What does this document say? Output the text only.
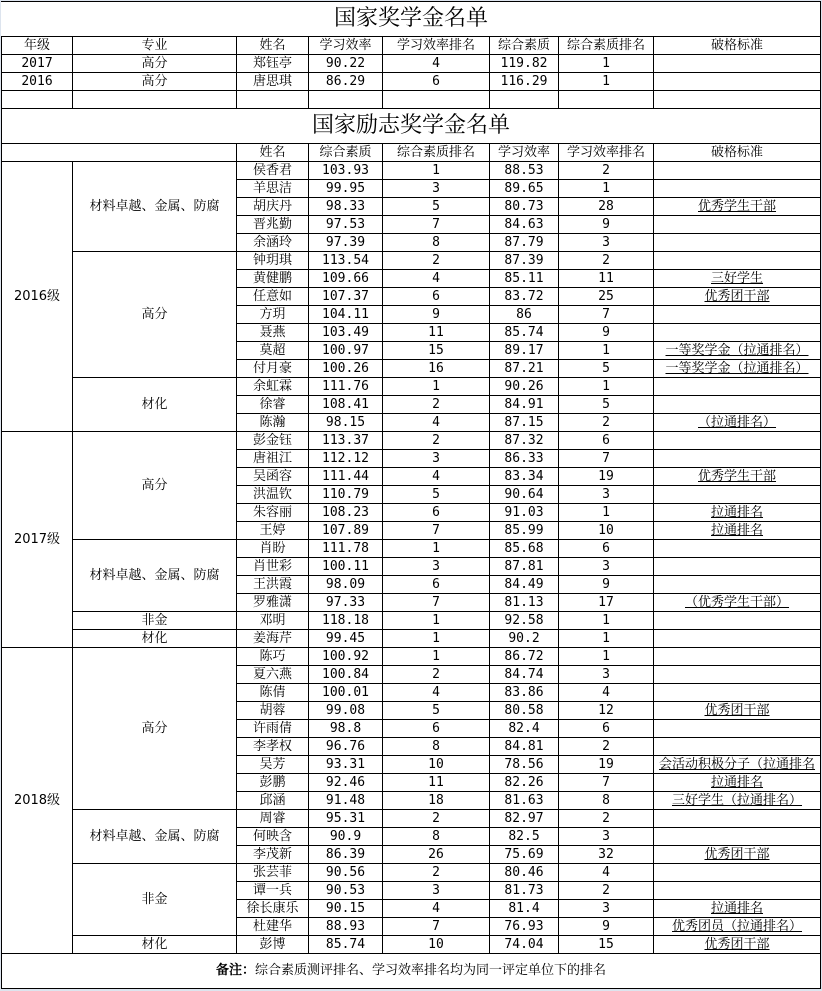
国家奖学金名单							
年级	专业	姓名	学习效率	学习效率排名	综合素质	综合素质排名	破格标准
2017	高分	郑钰亭	90.22	4	119.82	1	
2016	高分	唐思琪	86.29	6	116.29	1	

国家励志奖学金名单							
		姓名	综合素质	综合素质排名	学习效率	学习效率排名	破格标准
2016级	材料卓越、金属、防腐	侯香君	103.93	1	88.53	2	
		羊思洁	99.95	3	89.65	1	
		胡庆丹	98.33	5	80.73	28	优秀学生干部
		晋兆勤	97.53	7	84.63	9	
		余涵玲	97.39	8	87.79	3	
	高分	钟玥琪	113.54	2	87.39	2	
		黄健鹏	109.66	4	85.11	11	三好学生
		任意如	107.37	6	83.72	25	优秀团干部
		方玥	104.11	9	86	7	
		聂燕	103.49	11	85.74	9	
		莫超	100.97	15	89.17	1	一等奖学金（拉通排名）
		付月豪	100.26	16	87.21	5	一等奖学金（拉通排名）
	材化	余虹霖	111.76	1	90.26	1	
		徐睿	108.41	2	84.91	5	
		陈瀚	98.15	4	87.15	2	（拉通排名）
2017级	高分	彭金钰	113.37	2	87.32	6	
		唐祖江	112.12	3	86.33	7	
		吴函容	111.44	4	83.34	19	优秀学生干部
		洪温钦	110.79	5	90.64	3	
		朱容丽	108.23	6	91.03	1	拉通排名
		王婷	107.89	7	85.99	10	拉通排名
	材料卓越、金属、防腐	肖盼	111.78	1	85.68	6	
		肖世彩	100.11	3	87.81	3	
		王洪霞	98.09	6	84.49	9	
		罗雅潇	97.33	7	81.13	17	（优秀学生干部）
	非金	邓明	118.18	1	92.58	1	
	材化	姜海芹	99.45	1	90.2	1	
2018级	高分	陈巧	100.92	1	86.72	1	
		夏六燕	100.84	2	84.74	3	
		陈倩	100.01	4	83.86	4	
		胡蓉	99.08	5	80.58	12	优秀团干部
		许雨倩	98.8	6	82.4	6	
		李孝权	96.76	8	84.81	2	
		吴芳	93.31	10	78.56	19	会活动积极分子（拉通排名
		彭鹏	92.46	11	82.26	7	拉通排名
		邱涵	91.48	18	81.63	8	三好学生（拉通排名）
	材料卓越、金属、防腐	周睿	95.31	2	82.97	2	
		何映含	90.9	8	82.5	3	
		李茂新	86.39	26	75.69	32	优秀团干部
	非金	张芸菲	90.56	2	80.46	4	
		谭一兵	90.53	3	81.73	2	
		徐长康乐	90.15	4	81.4	3	拉通排名
		杜建华	88.93	7	76.93	9	优秀团员（拉通排名）
	材化	彭博	85.74	10	74.04	15	优秀团干部
备注：综合素质测评排名、学习效率排名均为同一评定单位下的排名							
